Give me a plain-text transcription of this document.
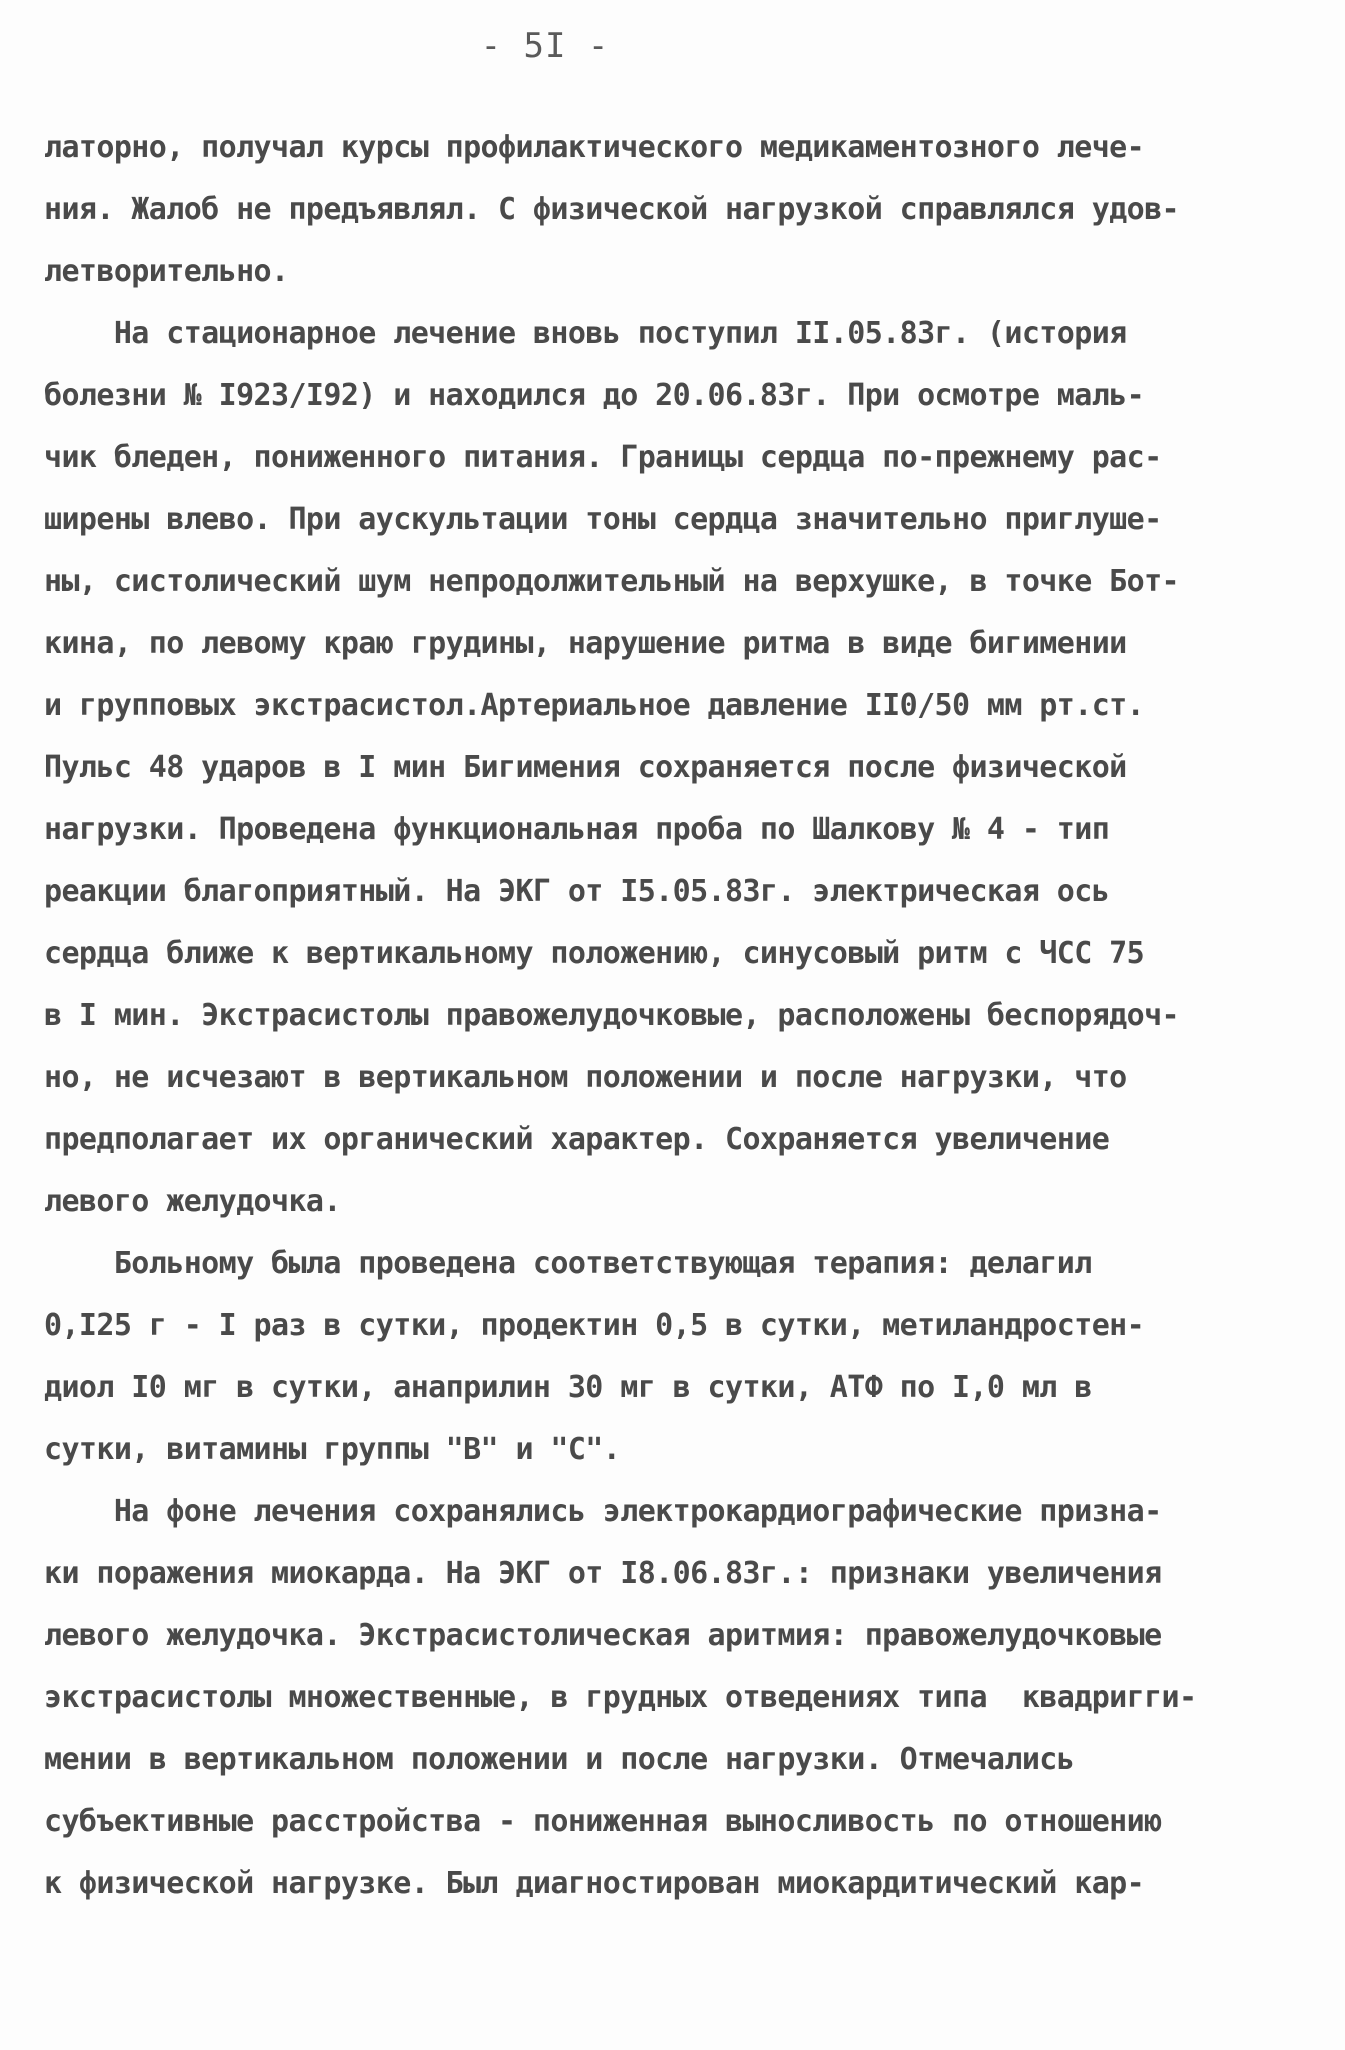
- 5I -
латорно, получал курсы профилактического медикаментозного лече-
ния. Жалоб не предъявлял. С физической нагрузкой справлялся удов-
летворительно.
На стационарное лечение вновь поступил II.05.83г. (история
болезни № I923/I92) и находился до 20.06.83г. При осмотре маль-
чик бледен, пониженного питания. Границы сердца по-прежнему рас-
ширены влево. При аускультации тоны сердца значительно приглуше-
ны, систолический шум непродолжительный на верхушке, в точке Бот-
кина, по левому краю грудины, нарушение ритма в виде бигимении
и групповых экстрасистол.Артериальное давление II0/50 мм рт.ст.
Пульс 48 ударов в I мин Бигимения сохраняется после физической
нагрузки. Проведена функциональная проба по Шалкову № 4 - тип
реакции благоприятный. На ЭКГ от I5.05.83г. электрическая ось
сердца ближе к вертикальному положению, синусовый ритм с ЧСС 75
в I мин. Экстрасистолы правожелудочковые, расположены беспорядоч-
но, не исчезают в вертикальном положении и после нагрузки, что
предполагает их органический характер. Сохраняется увеличение
левого желудочка.
Больному была проведена соответствующая терапия: делагил
0,I25 г - I раз в сутки, продектин 0,5 в сутки, метиландростен-
диол I0 мг в сутки, анаприлин 30 мг в сутки, АТФ по I,0 мл в
сутки, витамины группы "В" и "С".
На фоне лечения сохранялись электрокардиографические призна-
ки поражения миокарда. На ЭКГ от I8.06.83г.: признаки увеличения
левого желудочка. Экстрасистолическая аритмия: правожелудочковые
экстрасистолы множественные, в грудных отведениях типа  квадригги-
мении в вертикальном положении и после нагрузки. Отмечались
субъективные расстройства - пониженная выносливость по отношению
к физической нагрузке. Был диагностирован миокардитический кар-
